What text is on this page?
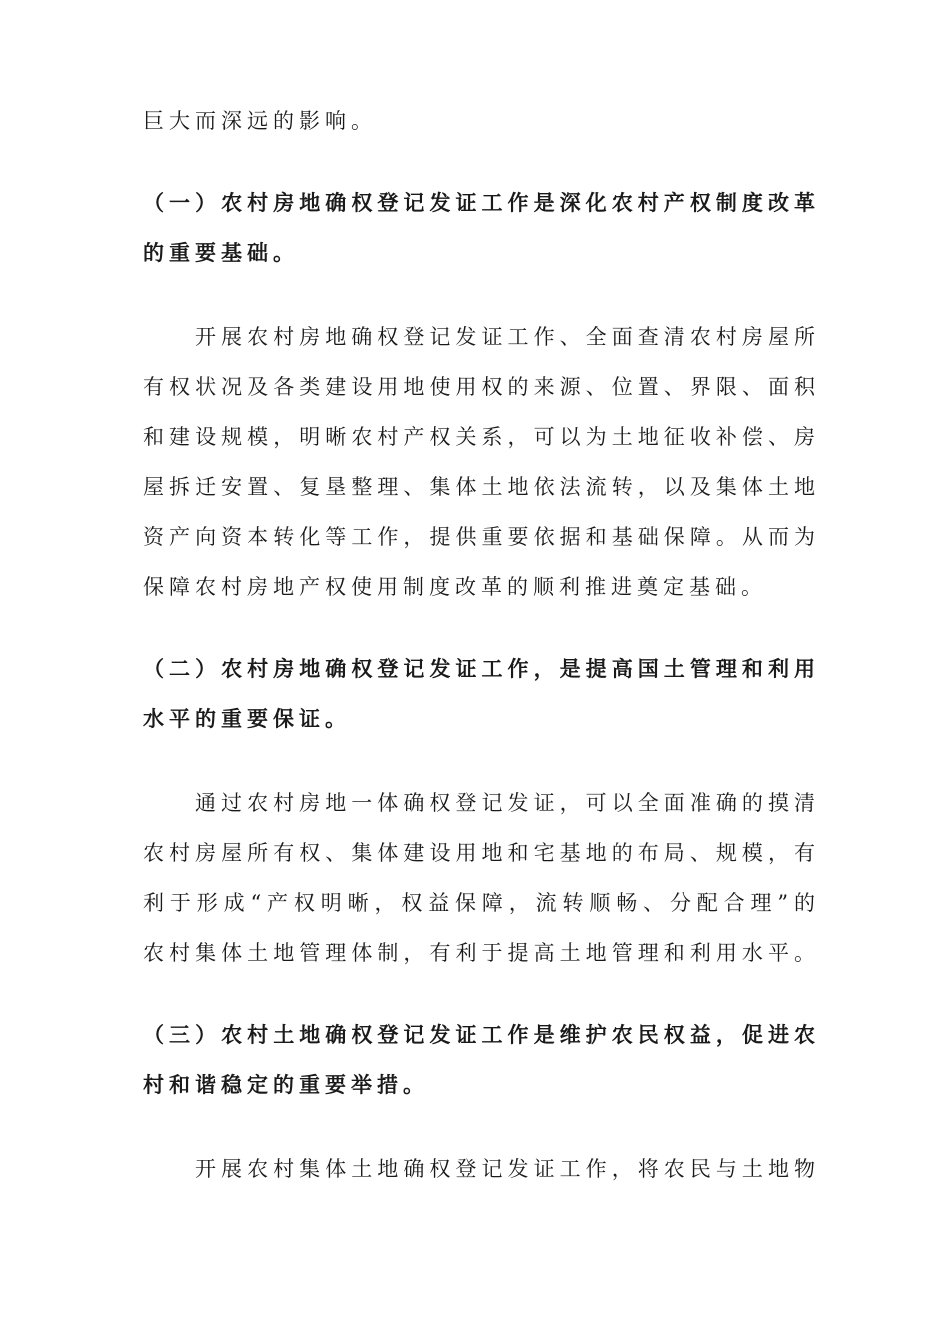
巨大而深远的影响。
（一）农村房地确权登记发证工作是深化农村产权制度改革
的重要基础。
开展农村房地确权登记发证工作、全面查清农村房屋所
有权状况及各类建设用地使用权的来源、位置、界限、面积
和建设规模，明晰农村产权关系，可以为土地征收补偿、房
屋拆迁安置、复垦整理、集体土地依法流转，以及集体土地
资产向资本转化等工作，提供重要依据和基础保障。从而为
保障农村房地产权使用制度改革的顺利推进奠定基础。
（二）农村房地确权登记发证工作，是提高国土管理和利用
水平的重要保证。
通过农村房地一体确权登记发证，可以全面准确的摸清
农村房屋所有权、集体建设用地和宅基地的布局、规模，有
利于形成“产权明晰，权益保障，流转顺畅、分配合理”的
农村集体土地管理体制，有利于提高土地管理和利用水平。
（三）农村土地确权登记发证工作是维护农民权益，促进农
村和谐稳定的重要举措。
开展农村集体土地确权登记发证工作，将农民与土地物
